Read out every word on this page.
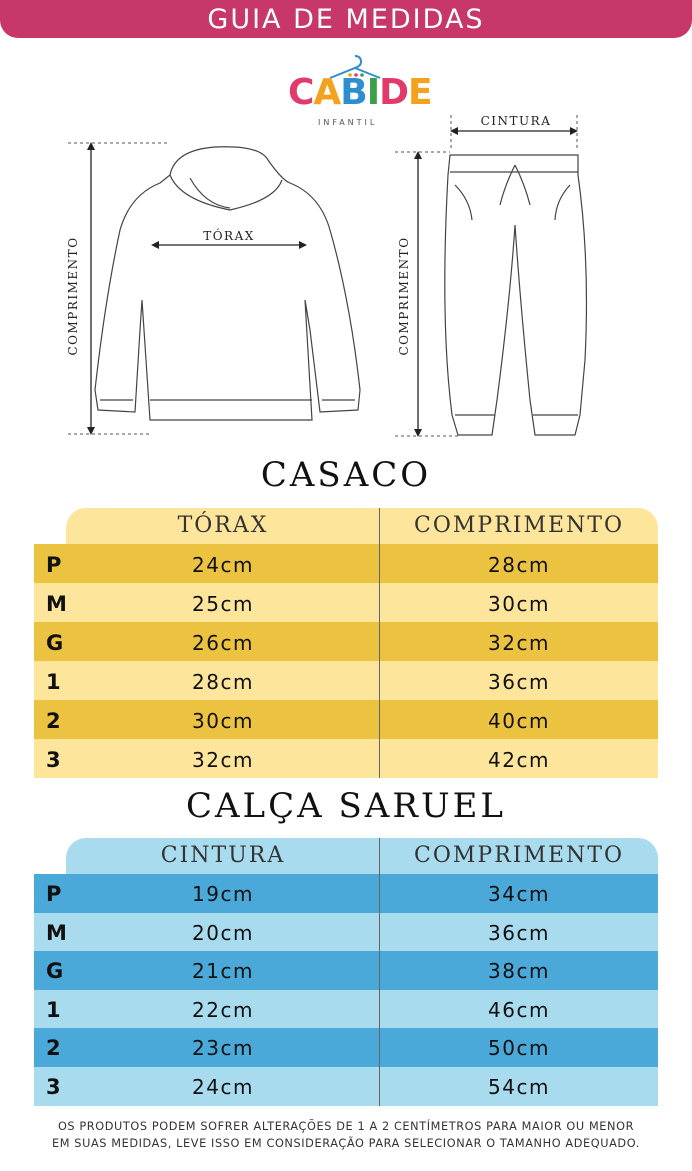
GUIA DE MEDIDAS
CABIDE
INFANTIL
TÓRAX
CINTURA
COMPRIMENTO	COMPRIMENTO
CASACO
TÓRAX	COMPRIMENTO
P	24cm	28cm
M	25cm	30cm
G	26cm	32cm
1	28cm	36cm
2	30cm	40cm
3	32cm	42cm
CALÇA SARUEL
CINTURA	COMPRIMENTO
P	19cm	34cm
M	20cm	36cm
G	21cm	38cm
1	22cm	46cm
2	23cm	50cm
3	24cm	54cm
OS PRODUTOS PODEM SOFRER ALTERAÇÕES DE 1 A 2 CENTÍMETROS PARA MAIOR OU MENOR
EM SUAS MEDIDAS, LEVE ISSO EM CONSIDERAÇÃO PARA SELECIONAR O TAMANHO ADEQUADO.
